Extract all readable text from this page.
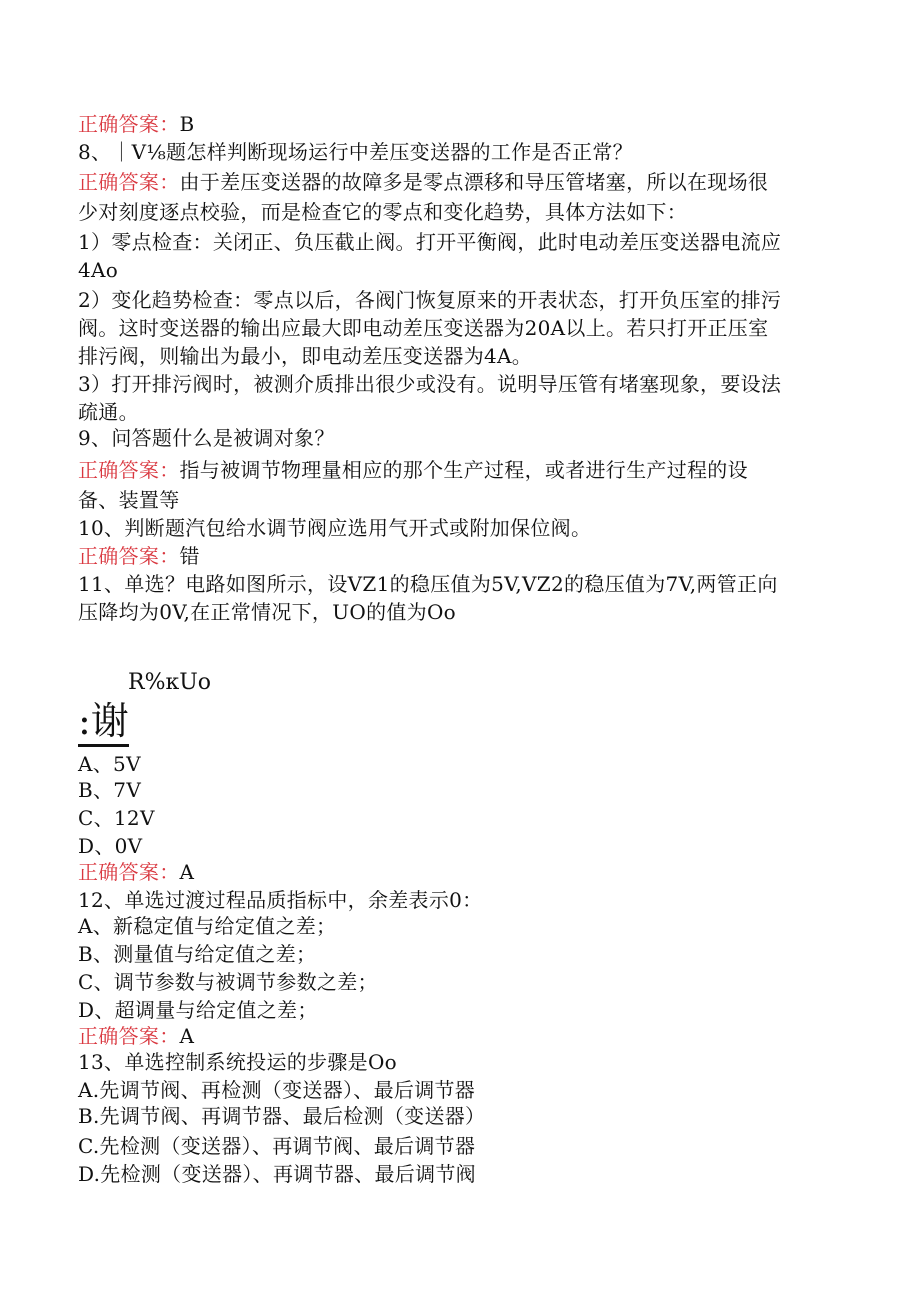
正确答案：B
8、｜V⅛题怎样判断现场运行中差压变送器的工作是否正常？
正确答案：由于差压变送器的故障多是零点漂移和导压管堵塞，所以在现场很
少对刻度逐点校验，而是检查它的零点和变化趋势，具体方法如下：
1）零点检查：关闭正、负压截止阀。打开平衡阀，此时电动差压变送器电流应
4Ao
2）变化趋势检查：零点以后，各阀门恢复原来的开表状态，打开负压室的排污
阀。这时变送器的输出应最大即电动差压变送器为20A以上。若只打开正压室
排污阀，则输出为最小，即电动差压变送器为4A。
3）打开排污阀时，被测介质排出很少或没有。说明导压管有堵塞现象，要设法
疏通。
9、问答题什么是被调对象？
正确答案：指与被调节物理量相应的那个生产过程，或者进行生产过程的设
备、装置等
10、判断题汽包给水调节阀应选用气开式或附加保位阀。
正确答案：错
11、单选？电路如图所示，设VZ1的稳压值为5V,VZ2的稳压值为7V,两管正向
压降均为0V,在正常情况下，UO的值为Oo
A、5V
B、7V
C、12V
D、0V
正确答案：A
12、单选过渡过程品质指标中，余差表示0：
A、新稳定值与给定值之差；
B、测量值与给定值之差；
C、调节参数与被调节参数之差；
D、超调量与给定值之差；
正确答案：A
13、单选控制系统投运的步骤是Oo
A.先调节阀、再检测（变送器）、最后调节器
B.先调节阀、再调节器、最后检测（变送器）
C.先检测（变送器）、再调节阀、最后调节器
D.先检测（变送器）、再调节器、最后调节阀
R%κUo
:谢
